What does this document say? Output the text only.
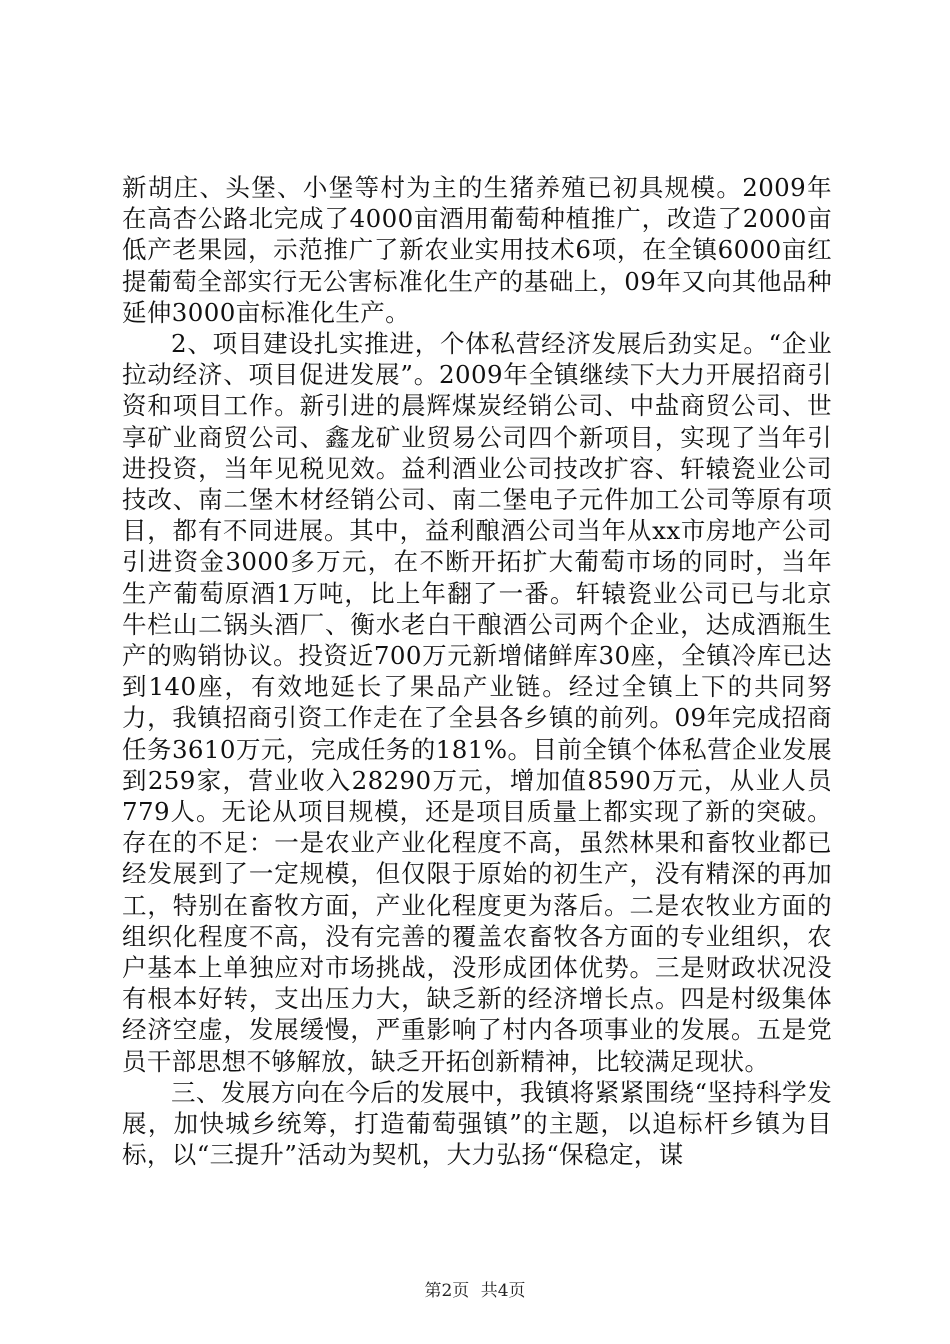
新胡庄、头堡、小堡等村为主的生猪养殖已初具规模。2009年在高杏公路北完成了4000亩酒用葡萄种植推广，改造了2000亩低产老果园，示范推广了新农业实用技术6项，在全镇6000亩红提葡萄全部实行无公害标准化生产的基础上，09年又向其他品种延伸3000亩标准化生产。

2、项目建设扎实推进，个体私营经济发展后劲实足。“企业拉动经济、项目促进发展”。2009年全镇继续下大力开展招商引资和项目工作。新引进的晨辉煤炭经销公司、中盐商贸公司、世享矿业商贸公司、鑫龙矿业贸易公司四个新项目，实现了当年引进投资，当年见税见效。益利酒业公司技改扩容、轩辕瓷业公司技改、南二堡木材经销公司、南二堡电子元件加工公司等原有项目，都有不同进展。其中，益利酿酒公司当年从xx市房地产公司引进资金3000多万元，在不断开拓扩大葡萄市场的同时，当年生产葡萄原酒1万吨，比上年翻了一番。轩辕瓷业公司已与北京牛栏山二锅头酒厂、衡水老白干酿酒公司两个企业，达成酒瓶生产的购销协议。投资近700万元新增储鲜库30座，全镇冷库已达到140座，有效地延长了果品产业链。经过全镇上下的共同努力，我镇招商引资工作走在了全县各乡镇的前列。09年完成招商任务3610万元，完成任务的181%。目前全镇个体私营企业发展到259家，营业收入28290万元，增加值8590万元，从业人员779人。无论从项目规模，还是项目质量上都实现了新的突破。存在的不足：一是农业产业化程度不高，虽然林果和畜牧业都已经发展到了一定规模，但仅限于原始的初生产，没有精深的再加工，特别在畜牧方面，产业化程度更为落后。二是农牧业方面的组织化程度不高，没有完善的覆盖农畜牧各方面的专业组织，农户基本上单独应对市场挑战，没形成团体优势。三是财政状况没有根本好转，支出压力大，缺乏新的经济增长点。四是村级集体经济空虚，发展缓慢，严重影响了村内各项事业的发展。五是党员干部思想不够解放，缺乏开拓创新精神，比较满足现状。

三、发展方向在今后的发展中，我镇将紧紧围绕“坚持科学发展，加快城乡统筹，打造葡萄强镇”的主题，以追标杆乡镇为目标，以“三提升”活动为契机，大力弘扬“保稳定，谋

第2页 共4页
